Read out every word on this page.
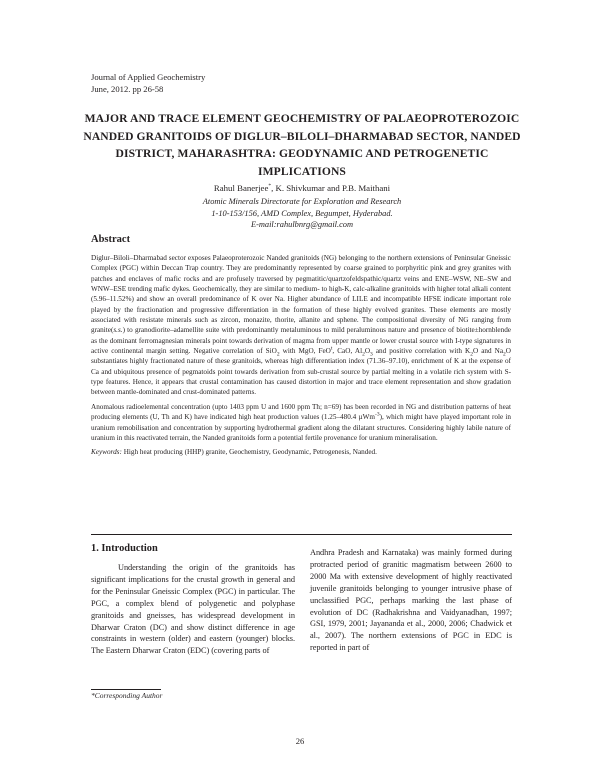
Journal of Applied Geochemistry
June, 2012. pp 26-58
MAJOR AND TRACE ELEMENT GEOCHEMISTRY OF PALAEOPROTEROZOIC NANDED GRANITOIDS OF DIGLUR–BILOLI–DHARMABAD SECTOR, NANDED DISTRICT, MAHARASHTRA: GEODYNAMIC AND PETROGENETIC IMPLICATIONS
Rahul Banerjee*, K. Shivkumar and P.B. Maithani
Atomic Minerals Directorate for Exploration and Research
1-10-153/156, AMD Complex, Begumpet, Hyderabad.
E-mail:rahulbnrg@gmail.com
Abstract

Diglur–Biloli–Dharmabad sector exposes Palaeoproterozoic Nanded granitoids (NG) belonging to the northern extensions of Peninsular Gneissic Complex (PGC) within Deccan Trap country. They are predominantly represented by coarse grained to porphyritic pink and grey granites with patches and enclaves of mafic rocks and are profusely traversed by pegmatitic/quartzofeldspathic/quartz veins and ENE–WSW, NE–SW and WNW–ESE trending mafic dykes. Geochemically, they are similar to medium- to high-K, calc-alkaline granitoids with higher total alkali content (5.96–11.52%) and show an overall predominance of K over Na. Higher abundance of LILE and incompatible HFSE indicate important role played by the fractionation and progressive differentiation in the formation of these highly evolved granites. These elements are mostly associated with resistate minerals such as zircon, monazite, thorite, allanite and sphene. The compositional diversity of NG ranging from granite(s.s.) to granodiorite–adamellite suite with predominantly metaluminous to mild peraluminous nature and presence of biotite±hornblende as the dominant ferromagnesian minerals point towards derivation of magma from upper mantle or lower crustal source with I-type signatures in active continental margin setting. Negative correlation of SiO$_2$ with MgO, FeO$^t$, CaO, $Al_2O_3$ and positive correlation with $K_2O$ and $Na_2O$ substantiates highly fractionated nature of these granitoids, whereas high differentiation index (71.36–97.10), enrichment of K at the expense of Ca and ubiquitous presence of pegmatoids point towards derivation from sub-crustal source by partial melting in a volatile rich system with S-type features. Hence, it appears that crustal contamination has caused distortion in major and trace element representation and show gradation between mantle-dominated and crust-dominated patterns.

Anomalous radioelemental concentration (upto 1403 ppm U and 1600 ppm Th; n=69) has been recorded in NG and distribution patterns of heat producing elements (U, Th and K) have indicated high heat production values (1.25–480.4 µWm$^{-3}$), which might have played important role in uranium remobilisation and concentration by supporting hydrothermal gradient along the dilatant structures. Considering highly labile nature of uranium in this reactivated terrain, the Nanded granitoids form a potential fertile provenance for uranium mineralisation.

Keywords: High heat producing (HHP) granite, Geochemistry, Geodynamic, Petrogenesis, Nanded.

1. Introduction

Understanding the origin of the granitoids has significant implications for the crustal growth in general and for the Peninsular Gneissic Complex (PGC) in particular. The PGC, a complex blend of polygenetic and polyphase granitoids and gneisses, has widespread development in Dharwar Craton (DC) and show distinct difference in age constraints in western (older) and eastern (younger) blocks. The Eastern Dharwar Craton (EDC) (covering parts of

Andhra Pradesh and Karnataka) was mainly formed during protracted period of granitic magmatism between 2600 to 2000 Ma with extensive development of highly reactivated juvenile granitoids belonging to younger intrusive phase of unclassified PGC, perhaps marking the last phase of evolution of DC (Radhakrishna and Vaidyanadhan, 1997; GSI, 1979, 2001; Jayananda et al., 2000, 2006; Chadwick et al., 2007). The northern extensions of PGC in EDC is reported in part of

*Corresponding Author
26
